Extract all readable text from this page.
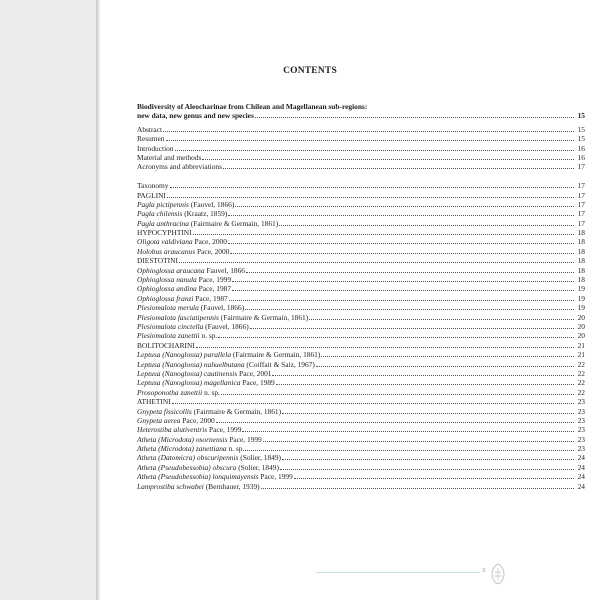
CONTENTS
Biodiversity of Aleocharinae from Chilean and Magellanean sub-regions:
new data, new genus and new species	15
Abstract	15
Resumen	15
Introduction	16
Material and methods	16
Acronyms and abbreviations	17
Taxonomy	17
PAGLINI	17
Pagla pictipennis (Fauvel, 1866)	17
Pagla chilensis (Kraatz, 1859)	17
Pagla anthracina (Fairmaire & Germain, 1861)	17
HYPOCYPHTINI	18
Oligota valdiviana Pace, 2000	18
Holobus araucanus Pace, 2000	18
DIESTOTINI	18
Ophioglossa araucana Fauvel, 1866	18
Ophioglossa nanula Pace, 1999	18
Ophioglossa andina Pace, 1987	19
Ophioglossa franzi Pace, 1987	19
Plesiomalota merula (Fauvel, 1866)	19
Plesiomalota fasciatipennis (Fairmaire & Germain, 1861)	20
Plesiomalota cinctella (Fauvel, 1866)	20
Plesiomalota zanettii n. sp.	20
BOLITOCHARINI	21
Leptusa (Nanoglossa) parallela (Fairmaire & Germain, 1861)	21
Leptusa (Nanoglossa) nahuelbutana (Coiffait & Saiz, 1967)	22
Leptusa (Nanoglossa) cautinensis Pace, 2001	22
Leptusa (Nanoglossa) magellanica Pace, 1989	22
Prosoponotha zanettii n. sp.	22
ATHETINI	23
Gnypeta fissicollis (Fairmaire & Germain, 1861)	23
Gnypeta aerea Pace, 2000	23
Heterostiba alutiventris Pace, 1999	23
Atheta (Microdota) osornensis Pace, 1999	23
Atheta (Microdota) zanettiana n. sp.	23
Atheta (Datomicra) obscuripennis (Solier, 1849)	24
Atheta (Pseudobessobia) obscura (Solier, 1849)	24
Atheta (Pseudobessobia) lonquimayensis Pace, 1999	24
Lamprostiba schwabei (Bernhauer, 1939)	24
3
